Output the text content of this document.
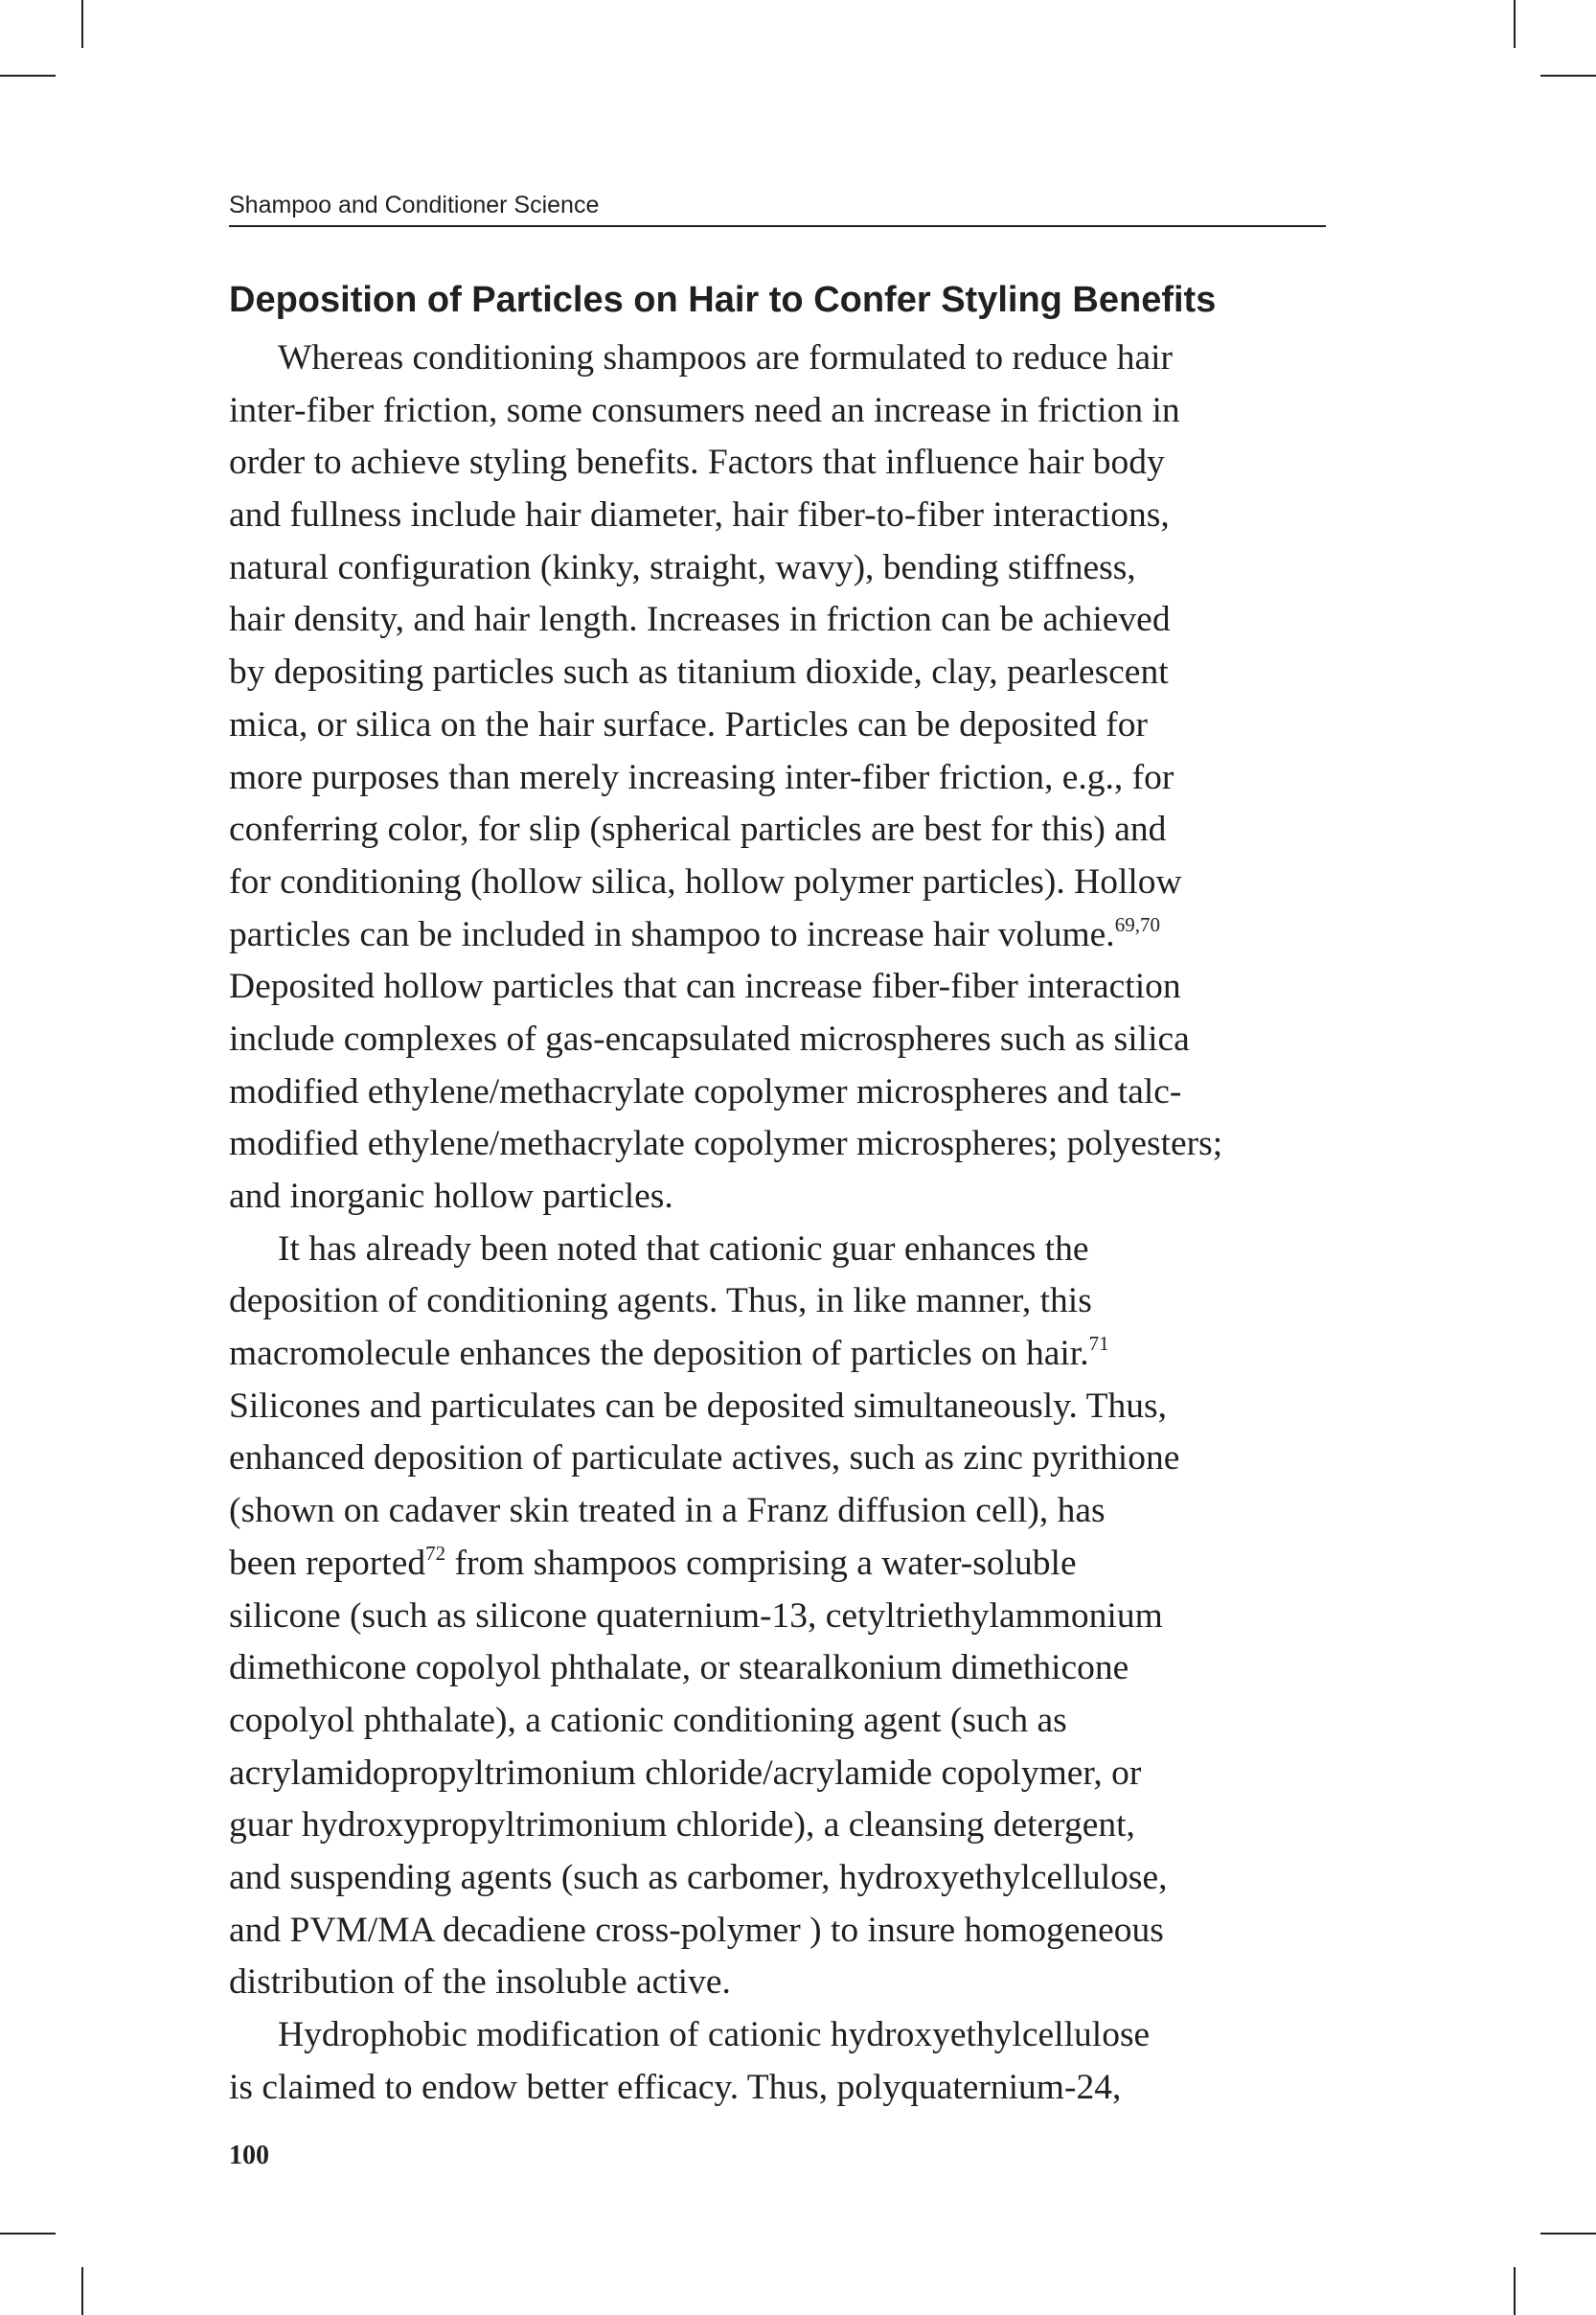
Shampoo and Conditioner Science
Deposition of Particles on Hair to Confer Styling Benefits
Whereas conditioning shampoos are formulated to reduce hair
inter-fiber friction, some consumers need an increase in friction in
order to achieve styling benefits. Factors that influence hair body
and fullness include hair diameter, hair fiber-to-fiber interactions,
natural configuration (kinky, straight, wavy), bending stiffness,
hair density, and hair length. Increases in friction can be achieved
by depositing particles such as titanium dioxide, clay, pearlescent
mica, or silica on the hair surface. Particles can be deposited for
more purposes than merely increasing inter-fiber friction, e.g., for
conferring color, for slip (spherical particles are best for this) and
for conditioning (hollow silica, hollow polymer particles). Hollow
particles can be included in shampoo to increase hair volume.$^{69,70}$
Deposited hollow particles that can increase fiber-fiber interaction
include complexes of gas-encapsulated microspheres such as silica
modified ethylene/methacrylate copolymer microspheres and talc-
modified ethylene/methacrylate copolymer microspheres; polyesters;
and inorganic hollow particles.
It has already been noted that cationic guar enhances the
deposition of conditioning agents. Thus, in like manner, this
macromolecule enhances the deposition of particles on hair.$^{71}$
Silicones and particulates can be deposited simultaneously. Thus,
enhanced deposition of particulate actives, such as zinc pyrithione
(shown on cadaver skin treated in a Franz diffusion cell), has
been reported$^{72}$ from shampoos comprising a water-soluble
silicone (such as silicone quaternium-13, cetyltriethylammonium
dimethicone copolyol phthalate, or stearalkonium dimethicone
copolyol phthalate), a cationic conditioning agent (such as
acrylamidopropyltrimonium chloride/acrylamide copolymer, or
guar hydroxypropyltrimonium chloride), a cleansing detergent,
and suspending agents (such as carbomer, hydroxyethylcellulose,
and PVM/MA decadiene cross-polymer ) to insure homogeneous
distribution of the insoluble active.
Hydrophobic modification of cationic hydroxyethylcellulose
is claimed to endow better efficacy. Thus, polyquaternium-24,
100
